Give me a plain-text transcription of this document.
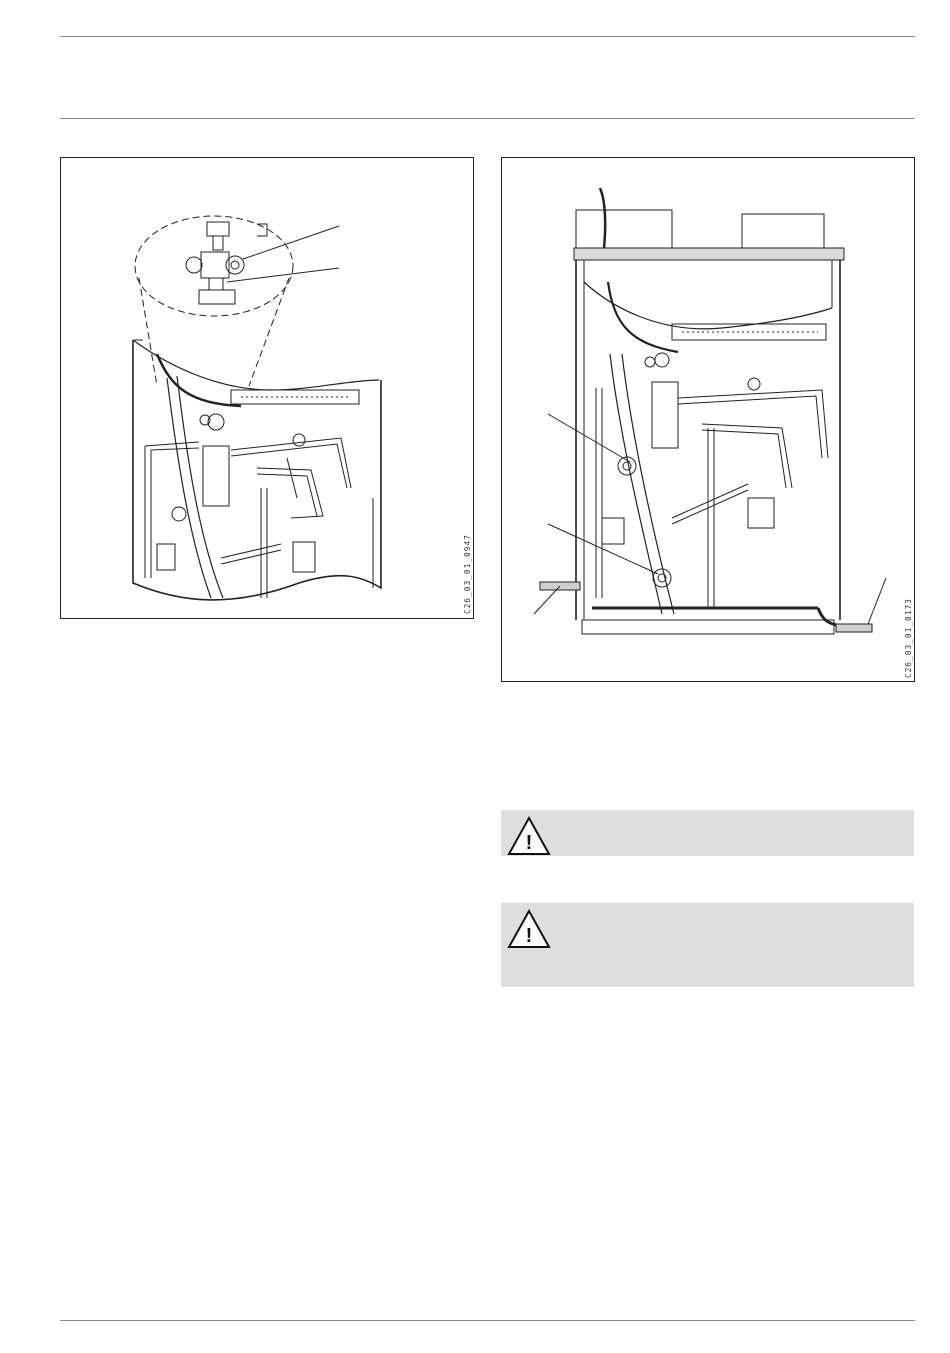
C26_03_01_0947
C26_03_01_0173
!
!
